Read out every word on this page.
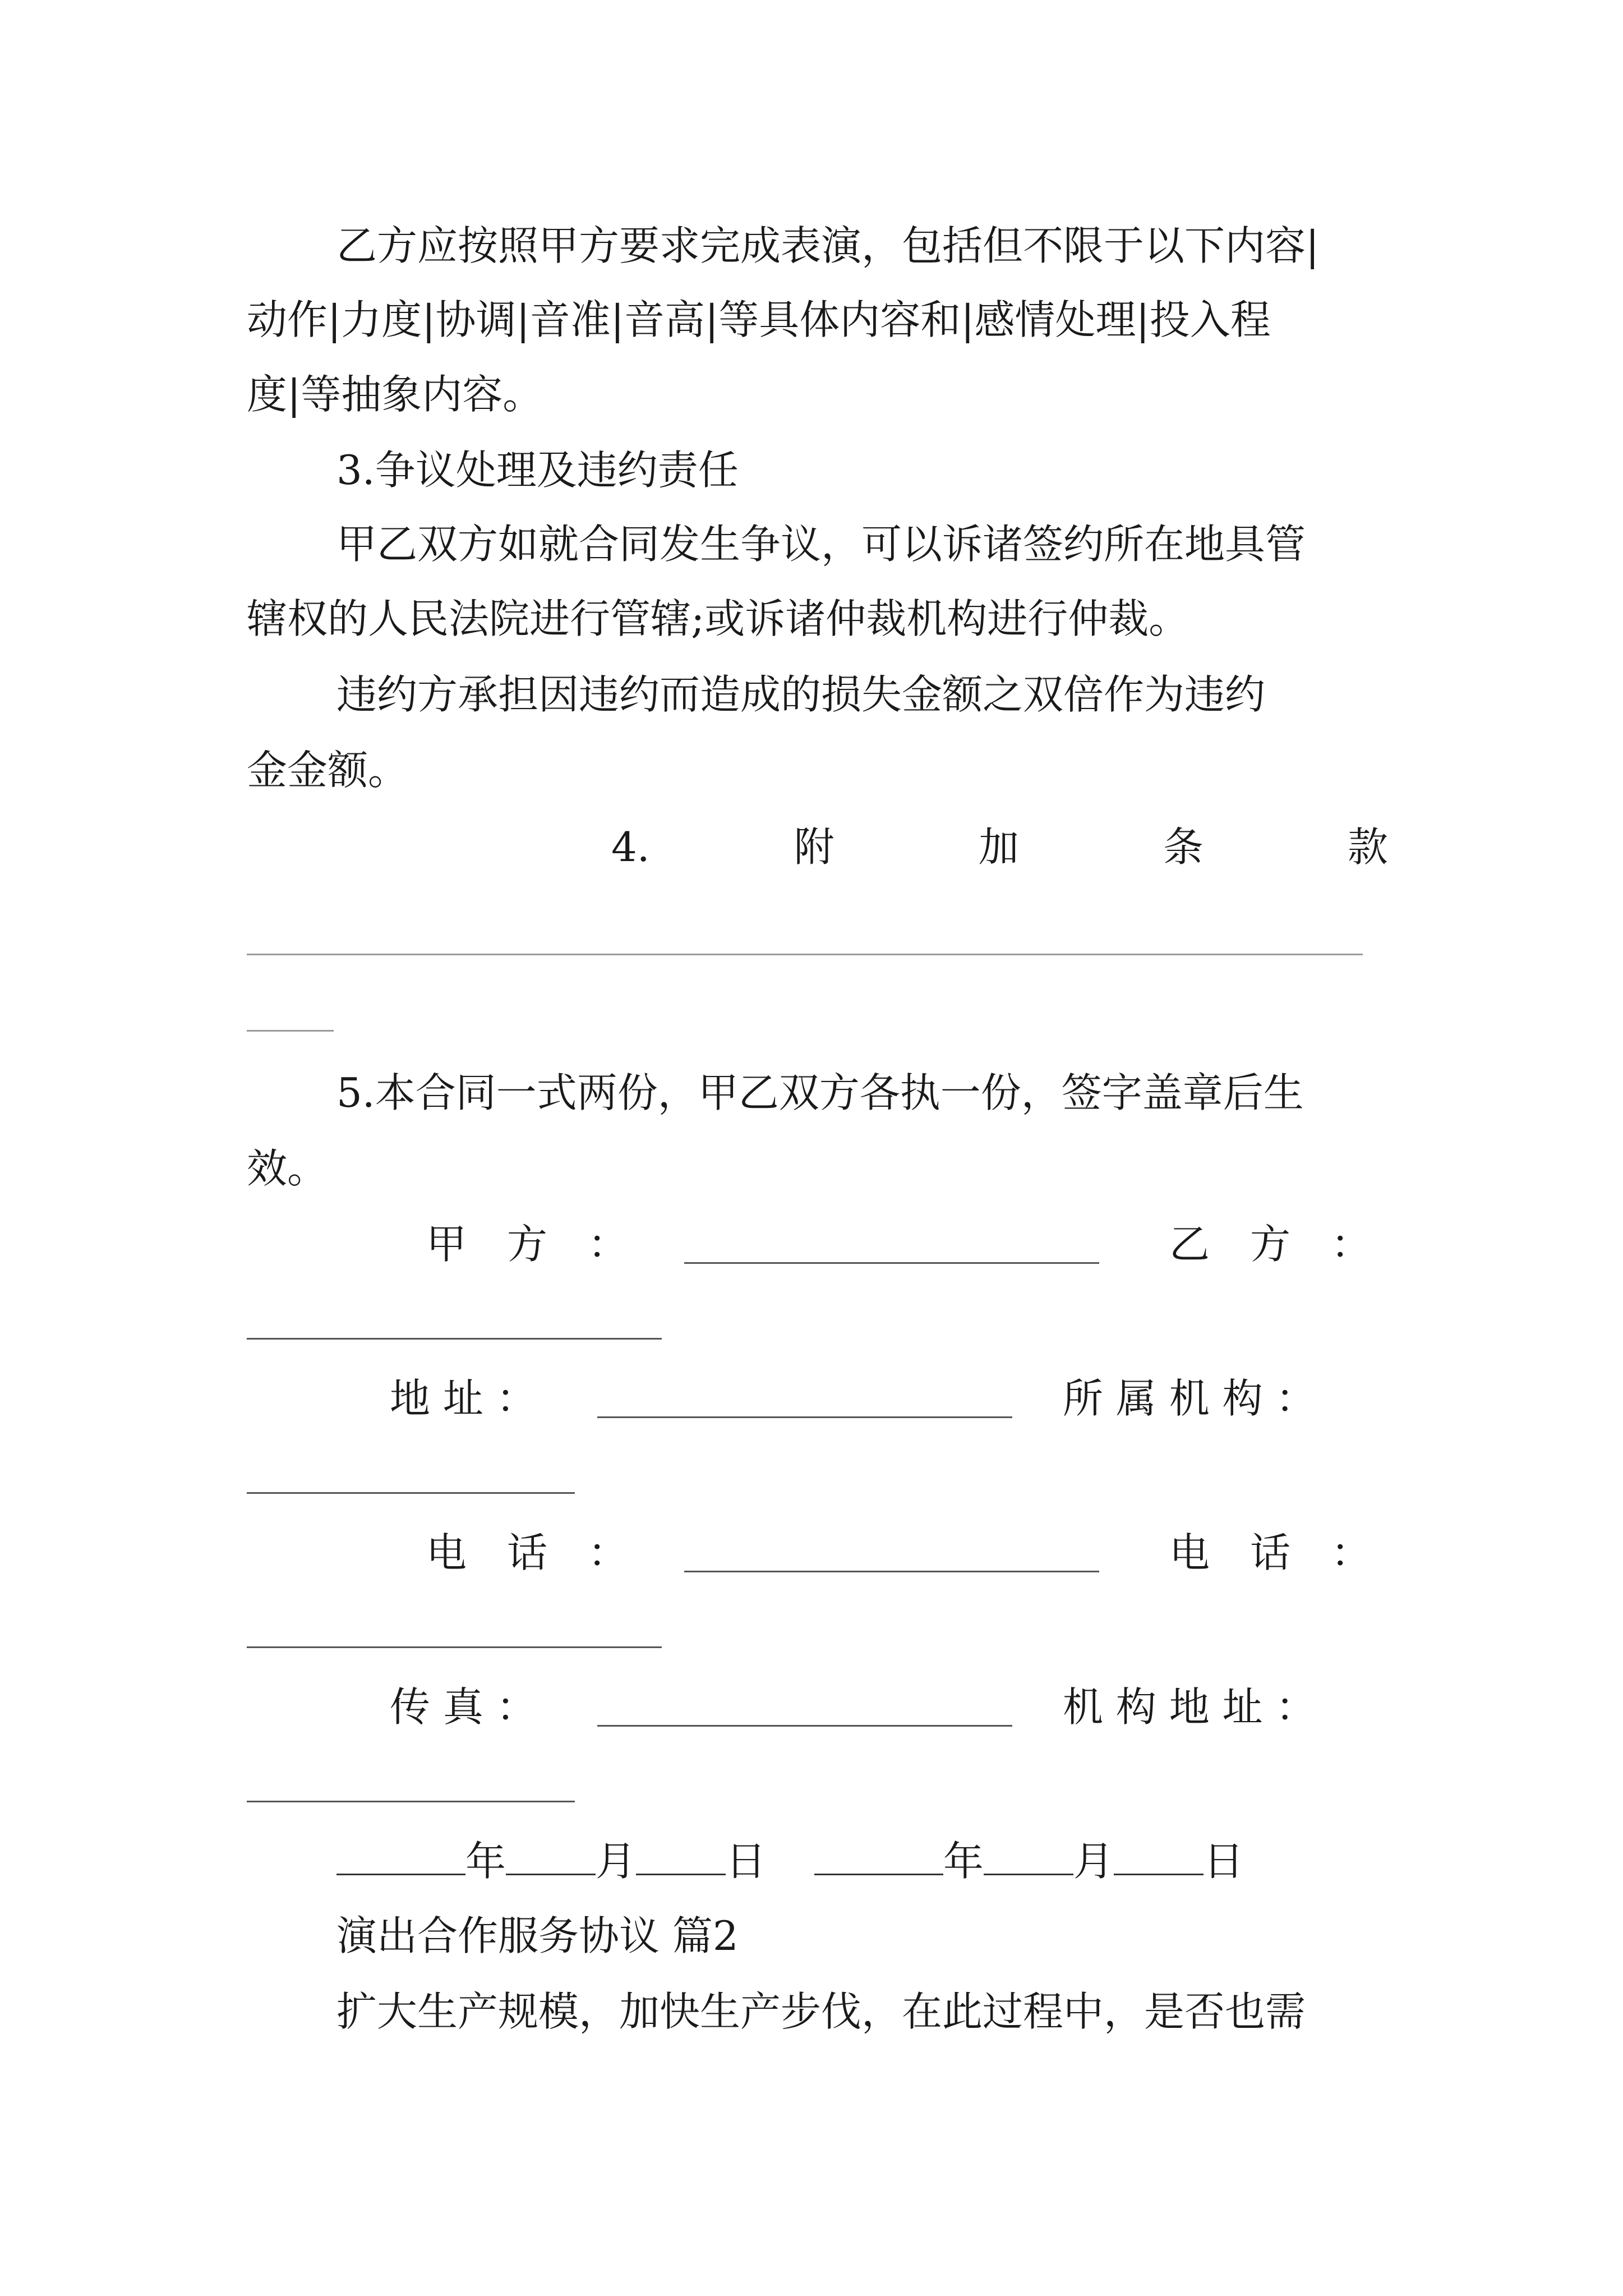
乙方应按照甲方要求完成表演，包括但不限于以下内容|

动作|力度|协调|音准|音高|等具体内容和|感情处理|投入程

度|等抽象内容。

3.争议处理及违约责任

甲乙双方如就合同发生争议，可以诉诸签约所在地具管

辖权的人民法院进行管辖;或诉诸仲裁机构进行仲裁。

违约方承担因违约而造成的损失金额之双倍作为违约

金金额。

4.	附	加	条	款

5.本合同一式两份，甲乙双方各执一份，签字盖章后生

效。

甲　方　：	乙　方　：

地 址 ：	所 属 机 构 ：

电　话　：	电　话　：

传 真 ：	机 构 地 址 ：

年 月 日	年 月 日

演出合作服务协议 篇2

扩大生产规模，加快生产步伐，在此过程中，是否也需
